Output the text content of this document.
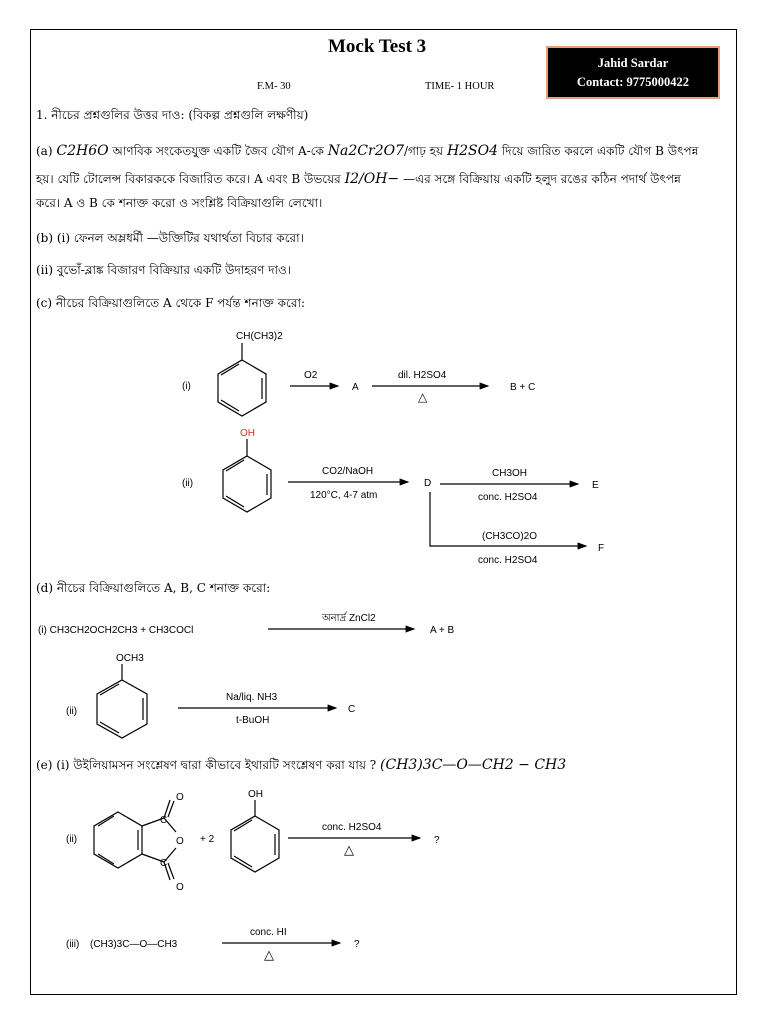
Mock Test 3
Jahid Sardar
Contact: 9775000422
F.M- 30	TIME- 1 HOUR
1. নীচের প্রশ্নগুলির উত্তর দাও: (বিকল্প প্রশ্নগুলি লক্ষণীয়)
(a) C2H6O আণবিক সংকেতযুক্ত একটি জৈব যৌগ A-কে Na2Cr2O7/গাঢ় হয় H2SO4 দিয়ে জারিত করলে একটি যৌগ B উৎপন্ন
হয়। যেটি টোলেন্স বিকারককে বিজারিত করে। A এবং B উভয়ের I2/OH− —এর সঙ্গে বিক্রিয়ায় একটি হলুদ রঙের কঠিন পদার্থ উৎপন্ন
করে। A ও B কে শনাক্ত করো ও সংশ্লিষ্ট বিক্রিয়াগুলি লেখো।
(b) (i) ফেনল অম্লধর্মী —উক্তিটির যথার্থতা বিচার করো।
(ii) বুভোঁ-ব্লাঙ্ক বিজারণ বিক্রিয়ার একটি উদাহরণ দাও।
(c) নীচের বিক্রিয়াগুলিতে A থেকে F পর্যন্ত শনাক্ত করো:
(d) নীচের বিক্রিয়াগুলিতে A, B, C শনাক্ত করো:
(e) (i) উইলিয়ামসন সংশ্লেষণ দ্বারা কীভাবে ইথারটি সংশ্লেষণ করা যায় ? (CH3)3C—O—CH2 − CH3
(i)
CH(CH3)2
O2
A
dil. H2SO4
△
B + C
(ii)
OH
CO2/NaOH
120°C, 4-7 atm
D
CH3OH
conc. H2SO4
E
(CH3CO)2O
conc. H2SO4
F
(i) CH3CH2OCH2CH3 + CH3COCl
অনার্দ্র ZnCl2
A + B
(ii)
OCH3
Na/liq. NH3
t-BuOH
C
(ii)	+ 2
OH
conc. H2SO4
△
?
(iii) (CH3)3C—O—CH3
conc. HI
△
?
O
O
O
C
C
